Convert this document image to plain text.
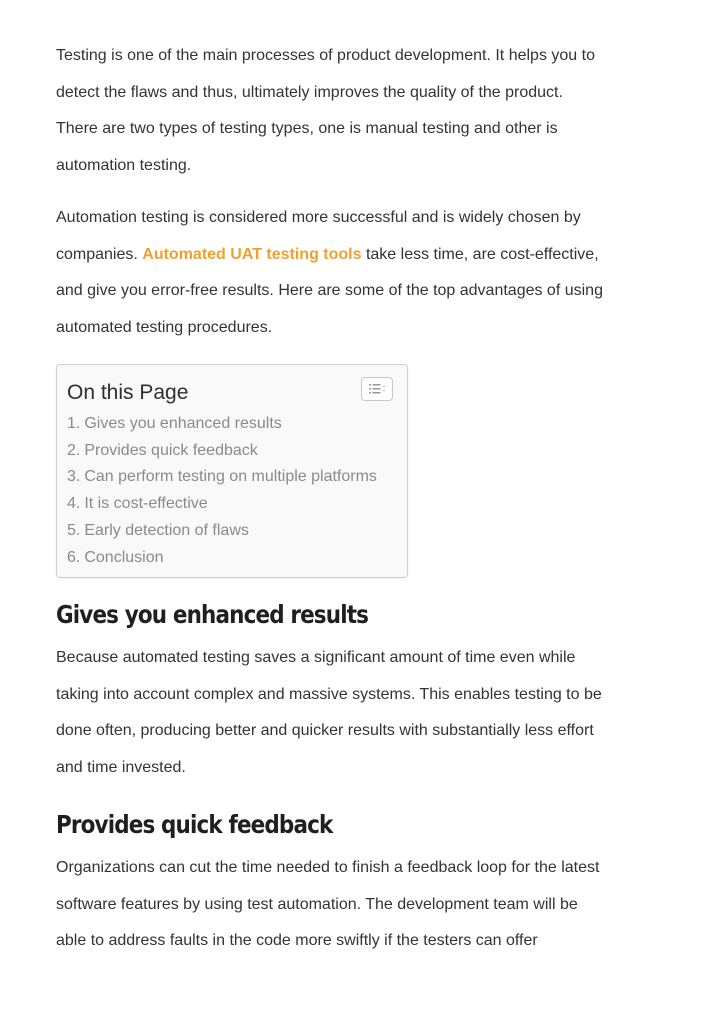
Testing is one of the main processes of product development. It helps you to
detect the flaws and thus, ultimately improves the quality of the product.
There are two types of testing types, one is manual testing and other is
automation testing.

Automation testing is considered more successful and is widely chosen by
companies. Automated UAT testing tools take less time, are cost-effective,
and give you error-free results. Here are some of the top advantages of using
automated testing procedures.

On this Page
1. Gives you enhanced results
2. Provides quick feedback
3. Can perform testing on multiple platforms
4. It is cost-effective
5. Early detection of flaws
6. Conclusion
Gives you enhanced results

Because automated testing saves a significant amount of time even while
taking into account complex and massive systems. This enables testing to be
done often, producing better and quicker results with substantially less effort
and time invested.

Provides quick feedback

Organizations can cut the time needed to finish a feedback loop for the latest
software features by using test automation. The development team will be
able to address faults in the code more swiftly if the testers can offer
